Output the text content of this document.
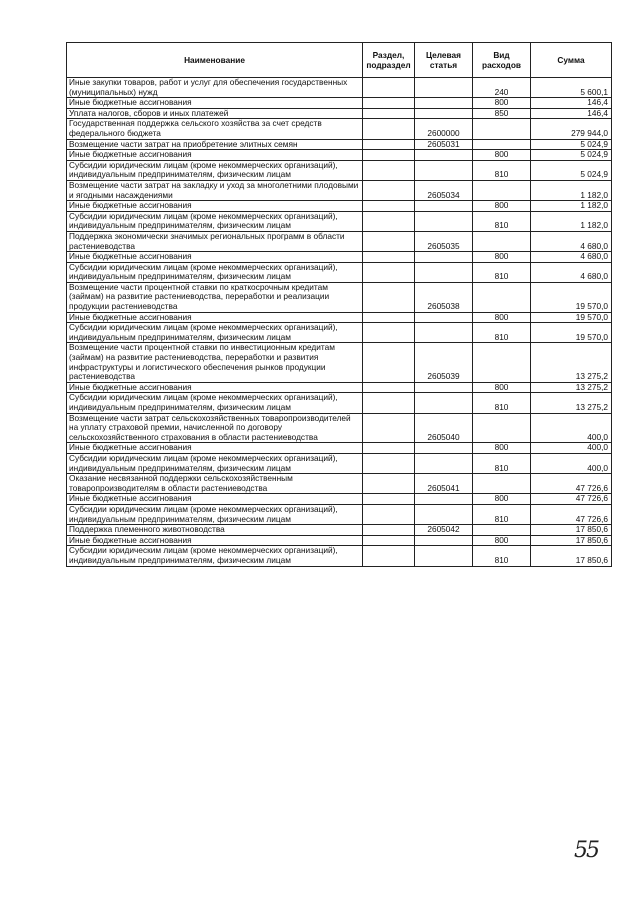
Наименование	Раздел, подраздел	Целевая статья	Вид расходов	Сумма
Иные закупки товаров, работ и услуг для обеспечения государственных (муниципальных) нужд			240	5 600,1
Иные бюджетные ассигнования			800	146,4
Уплата налогов, сборов и иных платежей			850	146,4
Государственная поддержка сельского хозяйства за счет средств федерального бюджета		2600000		279 944,0
Возмещение части затрат на приобретение элитных семян		2605031		5 024,9
Иные бюджетные ассигнования			800	5 024,9
Субсидии юридическим лицам (кроме некоммерческих организаций), индивидуальным предпринимателям, физическим лицам			810	5 024,9
Возмещение части затрат на закладку и уход за многолетними плодовыми и ягодными насаждениями		2605034		1 182,0
Иные бюджетные ассигнования			800	1 182,0
Субсидии юридическим лицам (кроме некоммерческих организаций), индивидуальным предпринимателям, физическим лицам			810	1 182,0
Поддержка экономически значимых региональных программ в области растениеводства		2605035		4 680,0
Иные бюджетные ассигнования			800	4 680,0
Субсидии юридическим лицам (кроме некоммерческих организаций), индивидуальным предпринимателям, физическим лицам			810	4 680,0
Возмещение части процентной ставки по краткосрочным кредитам (займам) на развитие растениеводства, переработки и реализации продукции растениеводства		2605038		19 570,0
Иные бюджетные ассигнования			800	19 570,0
Субсидии юридическим лицам (кроме некоммерческих организаций), индивидуальным предпринимателям, физическим лицам			810	19 570,0
Возмещение части процентной ставки по инвестиционным кредитам (займам) на развитие растениеводства, переработки и развития инфраструктуры и логистического обеспечения рынков продукции растениеводства		2605039		13 275,2
Иные бюджетные ассигнования			800	13 275,2
Субсидии юридическим лицам (кроме некоммерческих организаций), индивидуальным предпринимателям, физическим лицам			810	13 275,2
Возмещение части затрат сельскохозяйственных товаропроизводителей на уплату страховой премии, начисленной по договору сельскохозяйственного страхования в области растениеводства		2605040		400,0
Иные бюджетные ассигнования			800	400,0
Субсидии юридическим лицам (кроме некоммерческих организаций), индивидуальным предпринимателям, физическим лицам			810	400,0
Оказание несвязанной поддержки сельскохозяйственным товаропроизводителям в области растениеводства		2605041		47 726,6
Иные бюджетные ассигнования			800	47 726,6
Субсидии юридическим лицам (кроме некоммерческих организаций), индивидуальным предпринимателям, физическим лицам			810	47 726,6
Поддержка племенного животноводства		2605042		17 850,6
Иные бюджетные ассигнования			800	17 850,6
Субсидии юридическим лицам (кроме некоммерческих организаций), индивидуальным предпринимателям, физическим лицам			810	17 850,6
55
